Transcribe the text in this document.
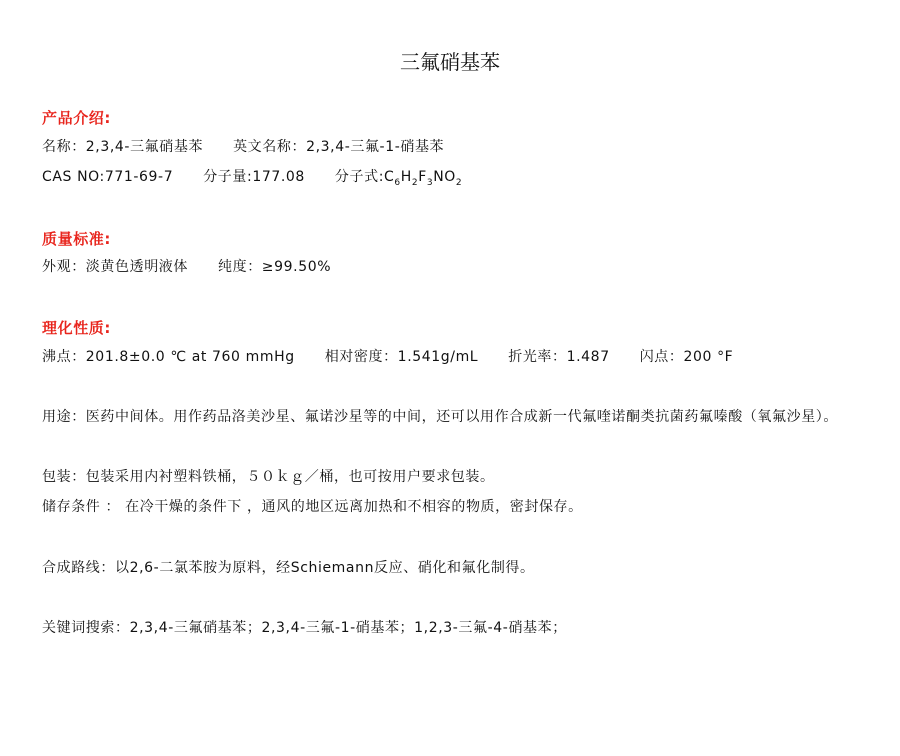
三氟硝基苯
产品介绍:
名称：2,3,4-三氟硝基苯 英文名称：2,3,4-三氟-1-硝基苯
CAS NO:771-69-7 分子量:177.08 分子式$:C_6H_2F_3NO_2$
质量标准:
外观：淡黄色透明液体 纯度：≥99.50%
理化性质:
沸点：201.8±0.0 ℃ at 760 mmHg 相对密度：1.541g/mL 折光率：1.487 闪点：200 °F
用途：医药中间体。用作药品洛美沙星、氟诺沙星等的中间，还可以用作合成新一代氟喹诺酮类抗菌药氟嗪酸（氧氟沙星）。
包装：包装采用内衬塑料铁桶，５０ｋｇ／桶，也可按用户要求包装。
储存条件 ： 在冷干燥的条件下 ，通风的地区远离加热和不相容的物质，密封保存。
合成路线：以2,6-二氯苯胺为原料，经Schiemann反应、硝化和氟化制得。
关键词搜索：2,3,4-三氟硝基苯；2,3,4-三氟-1-硝基苯；1,2,3-三氟-4-硝基苯；
